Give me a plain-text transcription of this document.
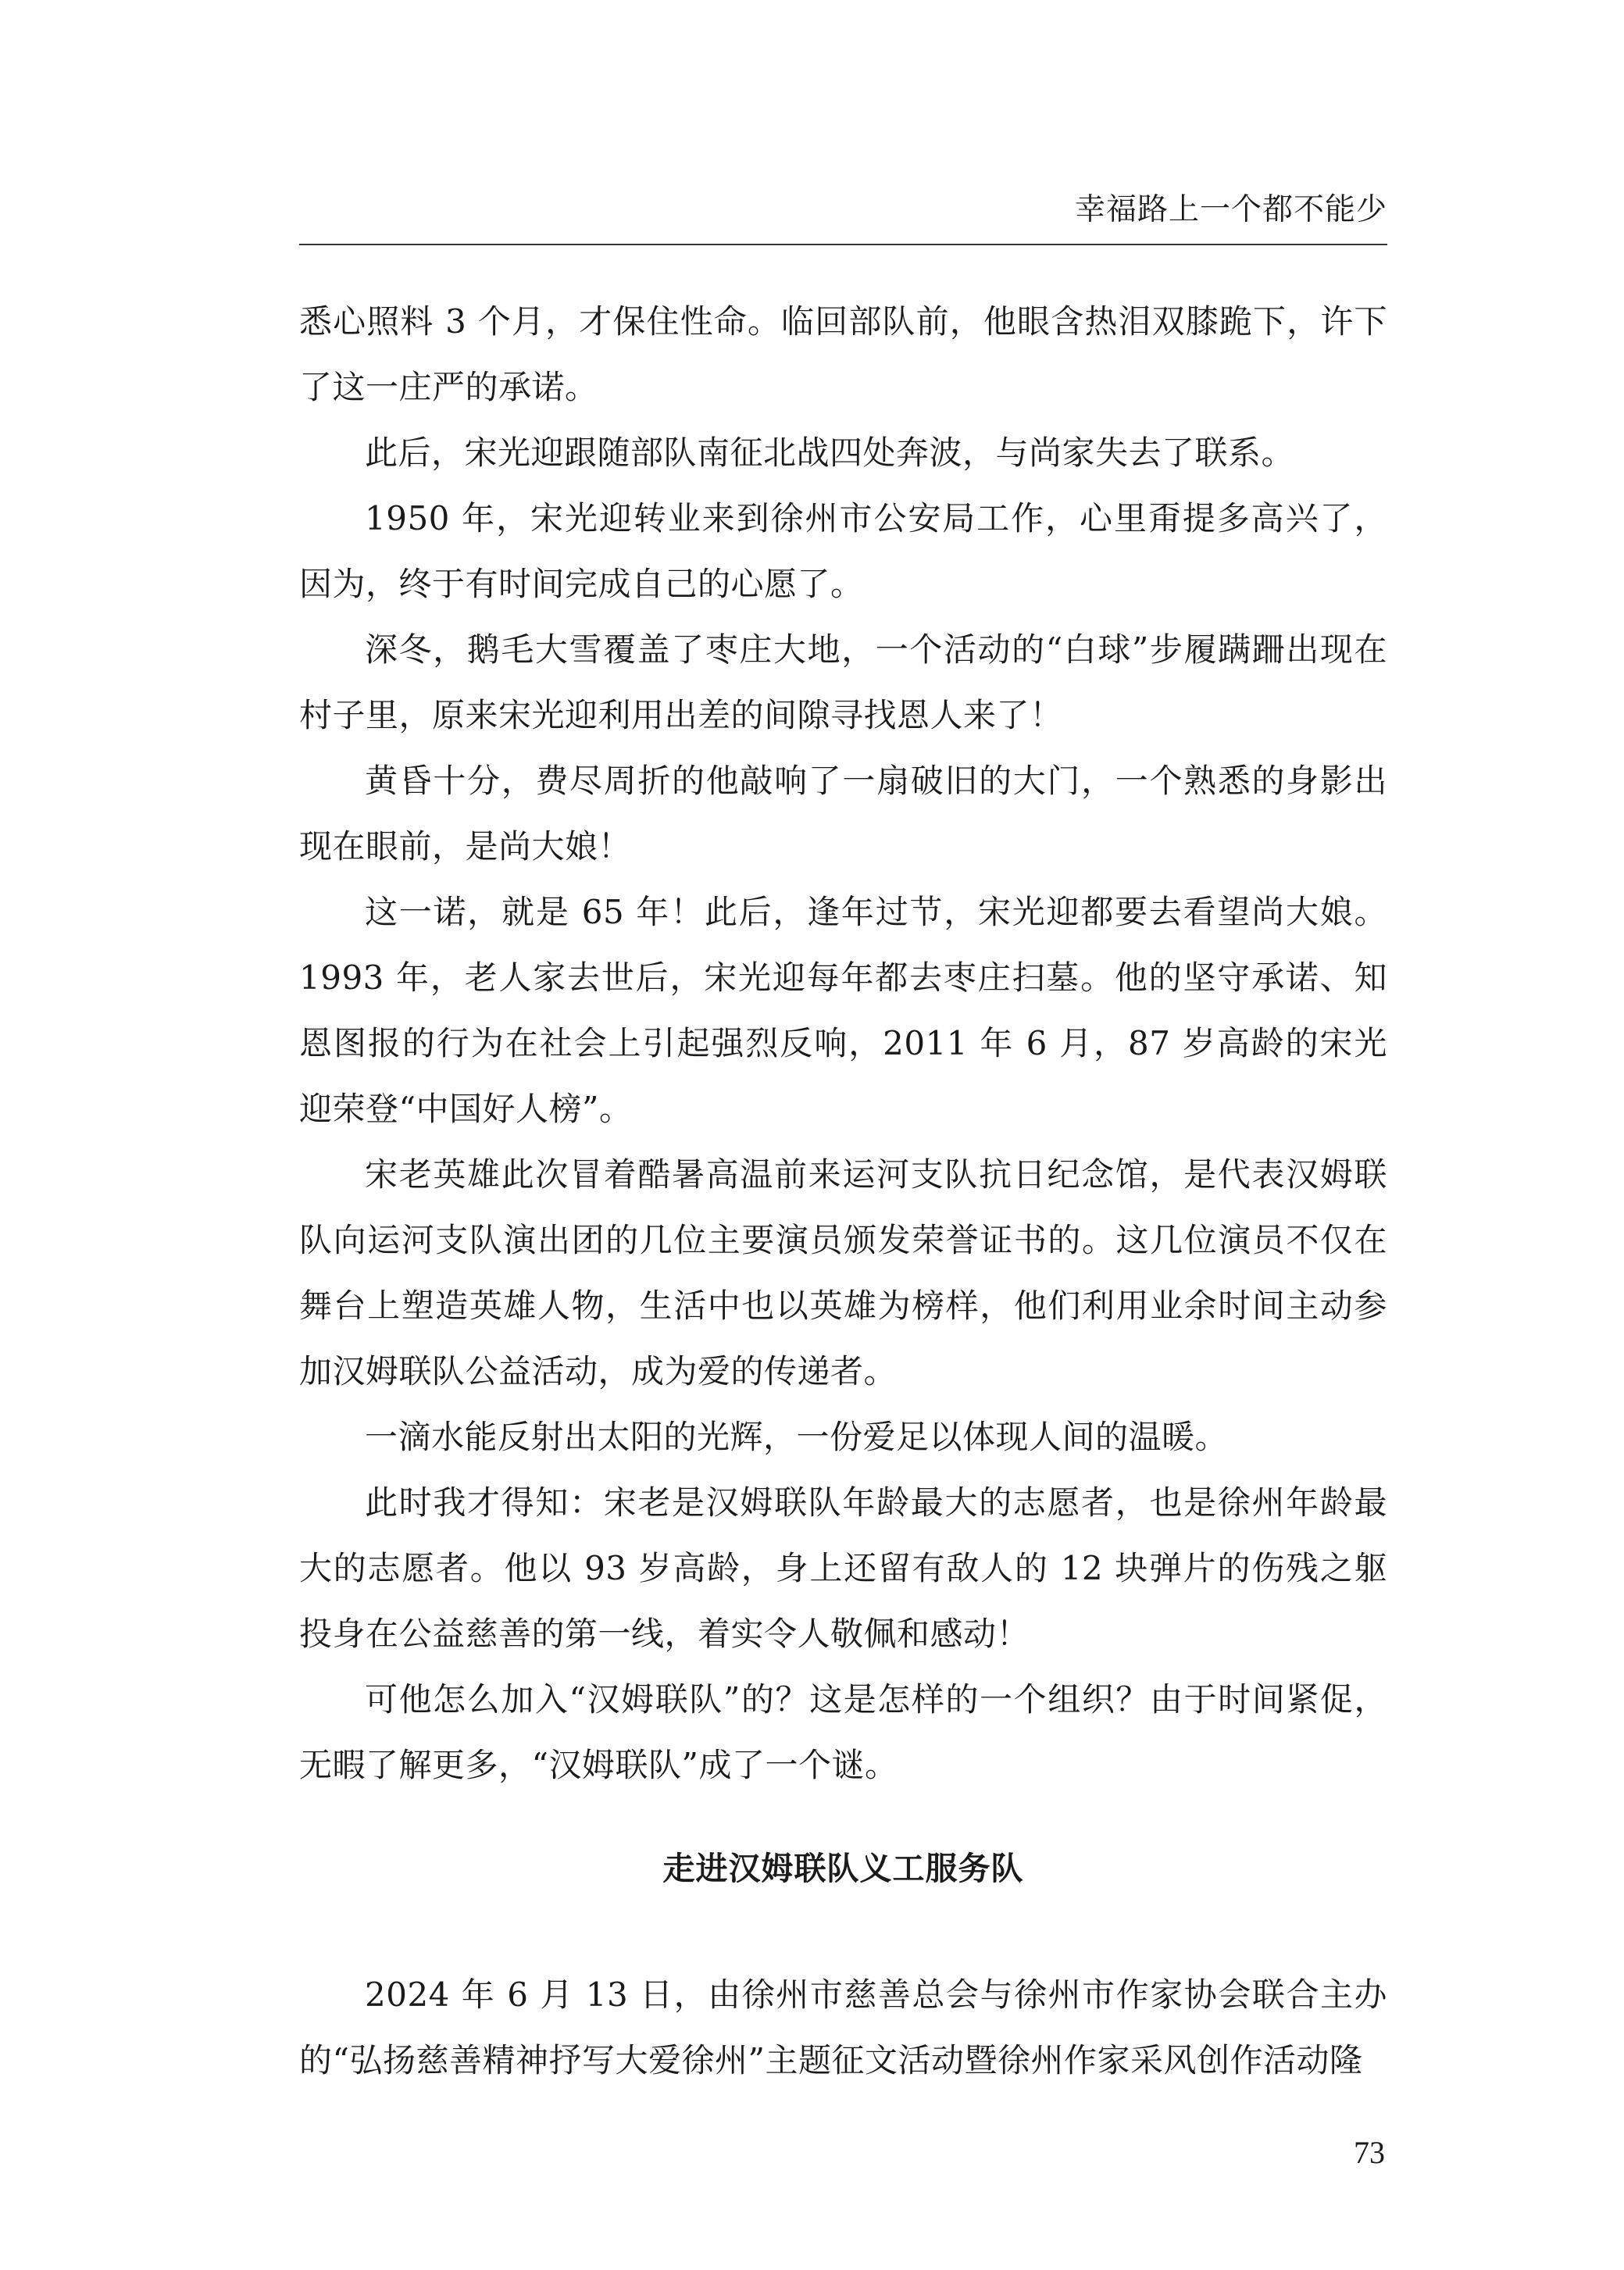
幸福路上一个都不能少

悉心照料 3 个月，才保住性命。临回部队前，他眼含热泪双膝跪下，许下了这一庄严的承诺。

此后，宋光迎跟随部队南征北战四处奔波，与尚家失去了联系。

1950 年，宋光迎转业来到徐州市公安局工作，心里甭提多高兴了，因为，终于有时间完成自己的心愿了。

深冬，鹅毛大雪覆盖了枣庄大地，一个活动的“白球”步履蹒跚出现在村子里，原来宋光迎利用出差的间隙寻找恩人来了！

黄昏十分，费尽周折的他敲响了一扇破旧的大门，一个熟悉的身影出现在眼前，是尚大娘！

这一诺，就是 65 年！此后，逢年过节，宋光迎都要去看望尚大娘。1993 年，老人家去世后，宋光迎每年都去枣庄扫墓。他的坚守承诺、知恩图报的行为在社会上引起强烈反响，2011 年 6 月，87 岁高龄的宋光迎荣登“中国好人榜”。

宋老英雄此次冒着酷暑高温前来运河支队抗日纪念馆，是代表汉姆联队向运河支队演出团的几位主要演员颁发荣誉证书的。这几位演员不仅在舞台上塑造英雄人物，生活中也以英雄为榜样，他们利用业余时间主动参加汉姆联队公益活动，成为爱的传递者。

一滴水能反射出太阳的光辉，一份爱足以体现人间的温暖。

此时我才得知：宋老是汉姆联队年龄最大的志愿者，也是徐州年龄最大的志愿者。他以 93 岁高龄，身上还留有敌人的 12 块弹片的伤残之躯投身在公益慈善的第一线，着实令人敬佩和感动！

可他怎么加入“汉姆联队”的？这是怎样的一个组织？由于时间紧促，无暇了解更多，“汉姆联队”成了一个谜。

走进汉姆联队义工服务队

2024 年 6 月 13 日，由徐州市慈善总会与徐州市作家协会联合主办的“弘扬慈善精神抒写大爱徐州”主题征文活动暨徐州作家采风创作活动隆

73
